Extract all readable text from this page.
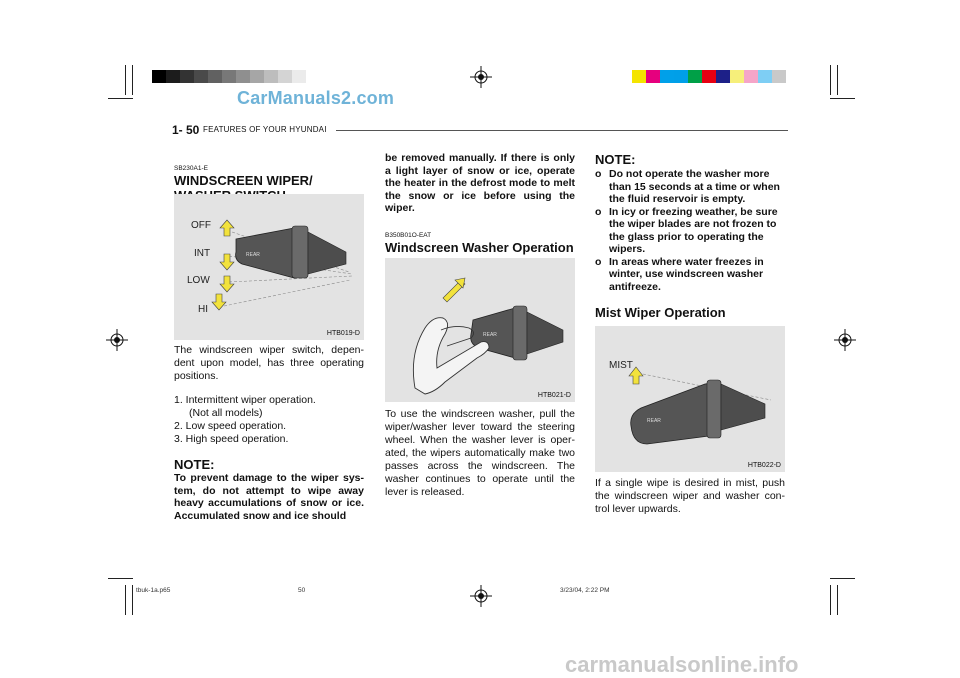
CarManuals2.com
1- 50 FEATURES OF YOUR HYUNDAI
SB230A1-E
WINDSCREEN WIPER/
REAR
OFF
INT
LOW
HI
HTB019-D
The windscreen wiper switch, depen-dent upon model, has three operating positions.
1. Intermittent wiper operation.
(Not all models)
2. Low speed operation.
3. High speed operation.
NOTE:
To prevent damage to the wiper sys-tem, do not attempt to wipe away heavy accumulations of snow or ice. Accumulated snow and ice should
be removed manually. If there is only a light layer of snow or ice, operate the heater in the defrost mode to melt the snow or ice before using the wiper.
B350B01O-EAT
Windscreen Washer Operation
REAR
HTB021-D
To use the windscreen washer, pull the wiper/washer lever toward the steering wheel. When the washer lever is oper-ated, the wipers automatically make two passes across the windscreen. The washer continues to operate until the lever is released.
NOTE:
o Do not operate the washer more than 15 seconds at a time or when the fluid reservoir is empty.
o In icy or freezing weather, be sure the wiper blades are not frozen to the glass prior to operating the wipers.
o In areas where water freezes in winter, use windscreen washer antifreeze.
Mist Wiper Operation
REAR
MIST
HTB022-D
If a single wipe is desired in mist, push the windscreen wiper and washer con-trol lever upwards.
tbuk-1a.p65	50	3/23/04, 2:22 PM
carmanualsonline.info
